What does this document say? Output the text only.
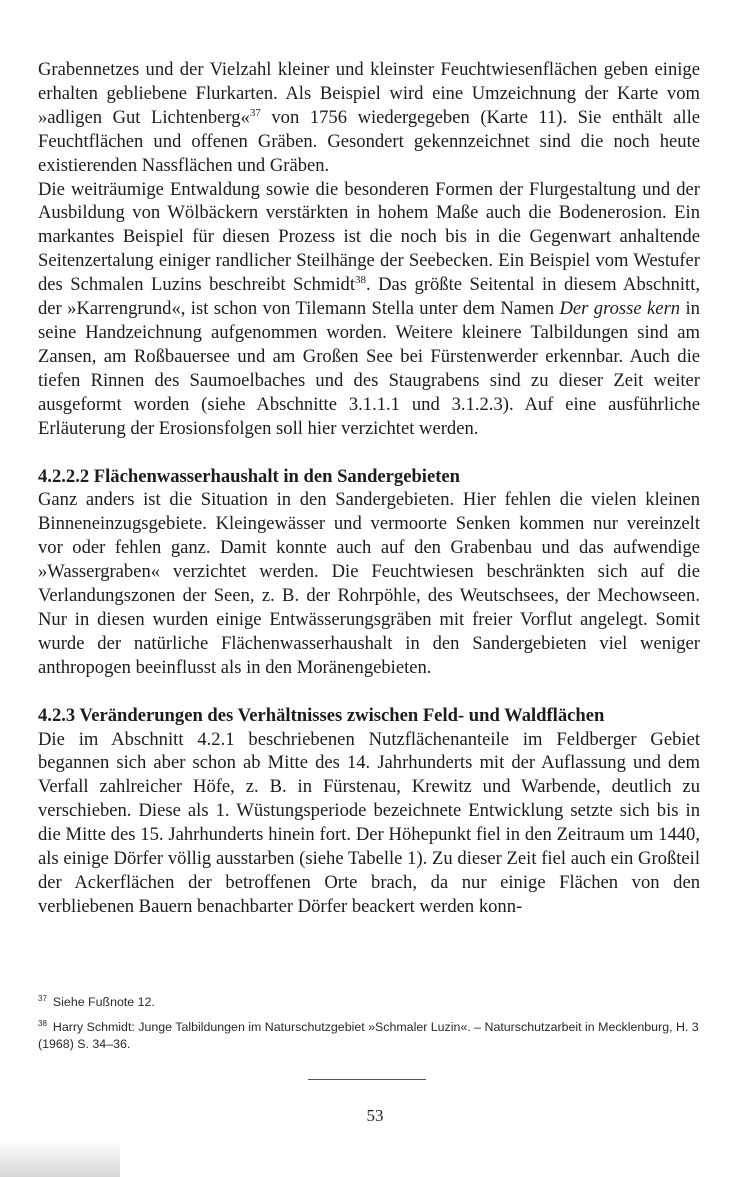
Grabennetzes und der Vielzahl kleiner und kleinster Feuchtwiesenflächen geben einige erhalten gebliebene Flurkarten. Als Beispiel wird eine Umzeichnung der Karte vom »adligen Gut Lichtenberg«$^{37}$ von 1756 wiedergegeben (Karte 11). Sie enthält alle Feuchtflächen und offenen Gräben. Gesondert gekennzeichnet sind die noch heute existierenden Nassflächen und Gräben.

Die weiträumige Entwaldung sowie die besonderen Formen der Flurgestaltung und der Ausbildung von Wölbäckern verstärkten in hohem Maße auch die Bodenerosion. Ein markantes Beispiel für diesen Prozess ist die noch bis in die Gegenwart anhaltende Seitenzertalung einiger randlicher Steilhänge der Seebecken. Ein Beispiel vom Westufer des Schmalen Luzins beschreibt Schmidt$^{38}$. Das größte Seitental in diesem Abschnitt, der »Karrengrund«, ist schon von Tilemann Stella unter dem Namen Der grosse kern in seine Handzeichnung aufgenommen worden. Weitere kleinere Talbildungen sind am Zansen, am Roßbauersee und am Großen See bei Fürstenwerder erkennbar. Auch die tiefen Rinnen des Saumoelbaches und des Staugrabens sind zu dieser Zeit weiter ausgeformt worden (siehe Abschnitte 3.1.1.1 und 3.1.2.3). Auf eine ausführliche Erläuterung der Erosionsfolgen soll hier verzichtet werden.

4.2.2.2 Flächenwasserhaushalt in den Sandergebieten

Ganz anders ist die Situation in den Sandergebieten. Hier fehlen die vielen kleinen Binneneinzugsgebiete. Kleingewässer und vermoorte Senken kommen nur vereinzelt vor oder fehlen ganz. Damit konnte auch auf den Grabenbau und das aufwendige »Wassergraben« verzichtet werden. Die Feuchtwiesen beschränkten sich auf die Verlandungszonen der Seen, z. B. der Rohrpöhle, des Weutschsees, der Mechowseen. Nur in diesen wurden einige Entwässerungsgräben mit freier Vorflut angelegt. Somit wurde der natürliche Flächenwasserhaushalt in den Sandergebieten viel weniger anthropogen beeinflusst als in den Moränengebieten.

4.2.3 Veränderungen des Verhältnisses zwischen Feld- und Waldflächen

Die im Abschnitt 4.2.1 beschriebenen Nutzflächenanteile im Feldberger Gebiet begannen sich aber schon ab Mitte des 14. Jahrhunderts mit der Auflassung und dem Verfall zahlreicher Höfe, z. B. in Fürstenau, Krewitz und Warbende, deutlich zu verschieben. Diese als 1. Wüstungsperiode bezeichnete Entwicklung setzte sich bis in die Mitte des 15. Jahrhunderts hinein fort. Der Höhepunkt fiel in den Zeitraum um 1440, als einige Dörfer völlig ausstarben (siehe Tabelle 1). Zu dieser Zeit fiel auch ein Großteil der Ackerflächen der betroffenen Orte brach, da nur einige Flächen von den verbliebenen Bauern benachbarter Dörfer beackert werden konn-

$^{37}$ Siehe Fußnote 12.

$^{38}$ Harry Schmidt: Junge Talbildungen im Naturschutzgebiet »Schmaler Luzin«. – Naturschutzarbeit in Mecklenburg, H. 3 (1968) S. 34–36.

53
